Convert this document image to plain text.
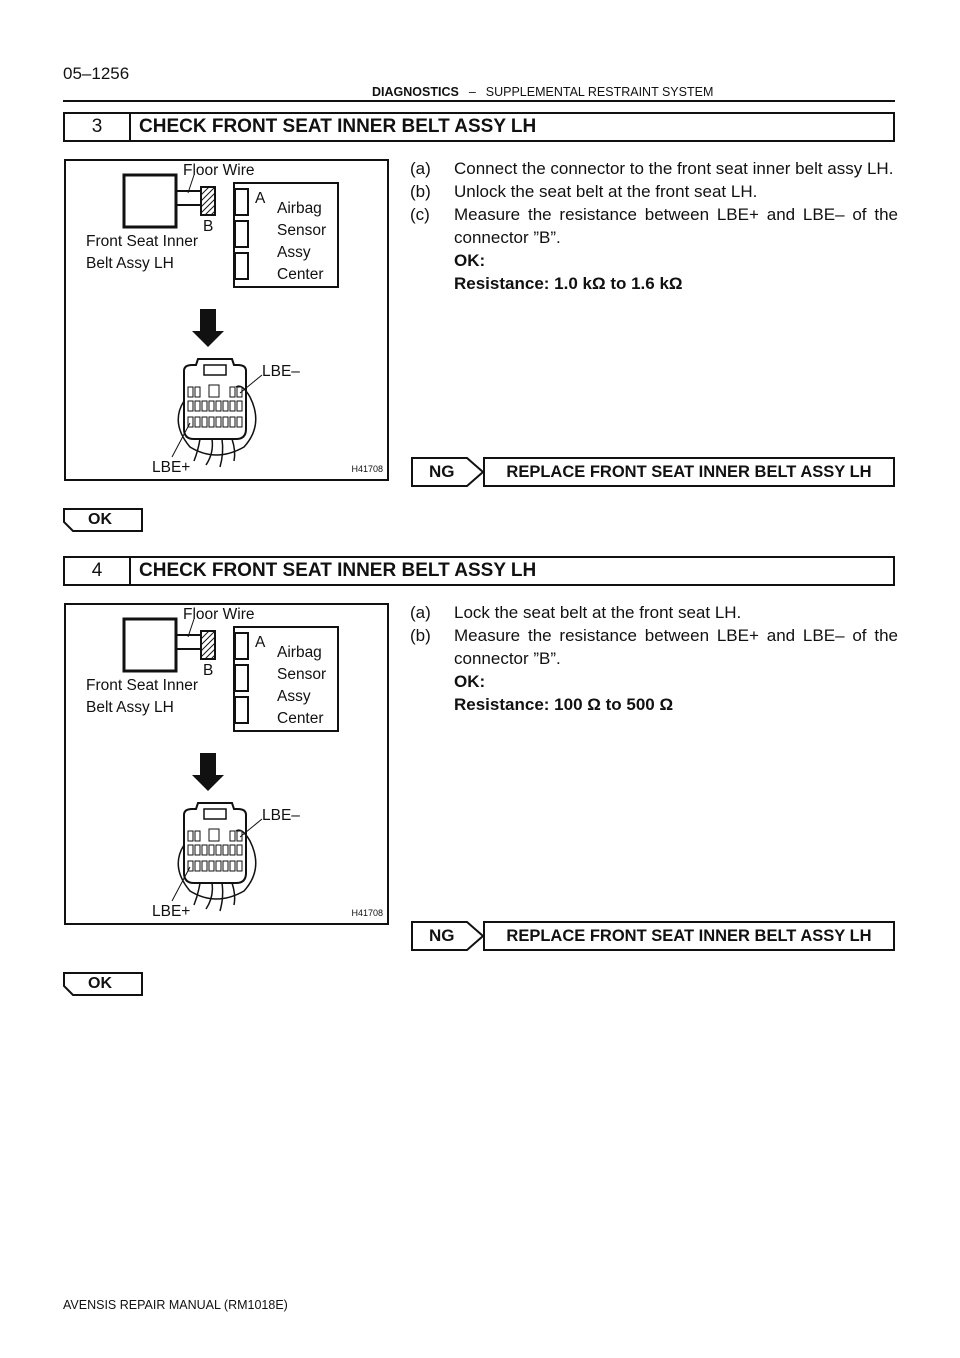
05–1256
DIAGNOSTICS – SUPPLEMENTAL RESTRAINT SYSTEM
3	CHECK FRONT SEAT INNER BELT ASSY LH
Floor Wire
A
B
Airbag
Sensor
Assy
Center
Front Seat Inner
Belt Assy LH
LBE–
LBE+	H41708
(a)	Connect the connector to the front seat inner belt assy LH.
(b)	Unlock the seat belt at the front seat LH.
(c)	Measure the resistance between LBE+ and LBE– of the connector ”B”.
OK:
Resistance: 1.0 kΩ to 1.6 kΩ
NG	REPLACE FRONT SEAT INNER BELT ASSY LH
OK
4	CHECK FRONT SEAT INNER BELT ASSY LH
Floor Wire
A
B
Airbag
Sensor
Assy
Center
Front Seat Inner
Belt Assy LH
LBE–
LBE+	H41708
(a)	Lock the seat belt at the front seat LH.
(b)	Measure the resistance between LBE+ and LBE– of the connector ”B”.
OK:
Resistance: 100 Ω to 500 Ω
NG	REPLACE FRONT SEAT INNER BELT ASSY LH
OK
AVENSIS REPAIR MANUAL (RM1018E)
